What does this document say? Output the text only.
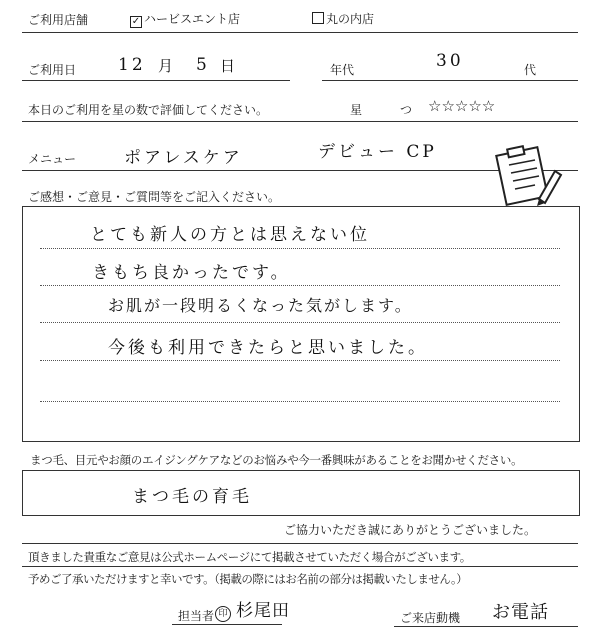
ご利用店舗	✓ ハービスエント店	丸の内店
ご利用日 12 月 5 日	年代	30	代
本日のご利用を星の数で評価してください。	星	つ ☆☆☆☆☆
メニュー	ポアレスケア	デビュー CP
ご感想・ご意見・ご質問等をご記入ください。
とても新人の方とは思えない位
きもち良かったです。
お肌が一段明るくなった気がします。
今後も利用できたらと思いました。
まつ毛、目元やお顔のエイジングケアなどのお悩みや今一番興味があることをお聞かせください。
まつ毛の育毛
ご協力いただき誠にありがとうございました。
頂きました貴重なご意見は公式ホームページにて掲載させていただく場合がございます。
予めご了承いただけますと幸いです。（掲載の際にはお名前の部分は掲載いたしません。）
担当者 印 杉尾田	ご来店動機 お電話
